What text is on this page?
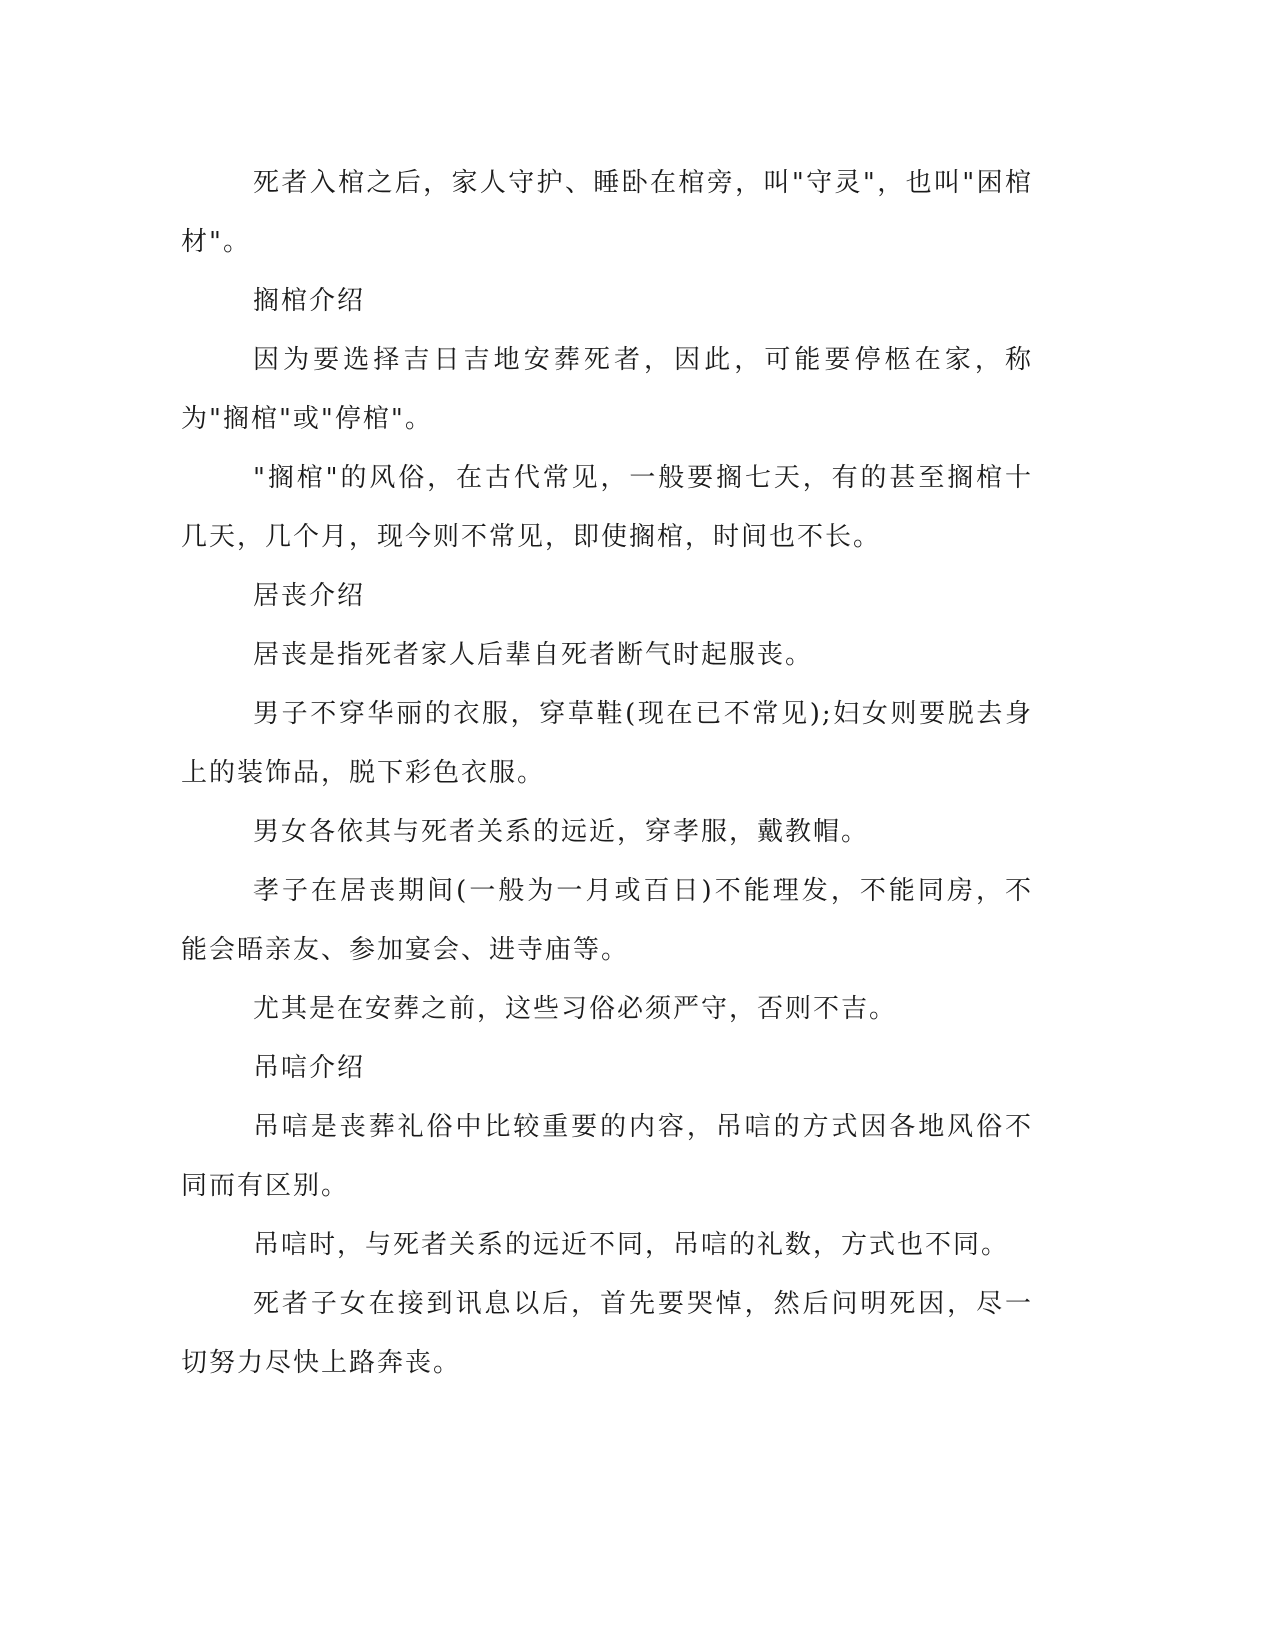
死者入棺之后，家人守护、睡卧在棺旁，叫"守灵"，也叫"困棺材"。

搁棺介绍

因为要选择吉日吉地安葬死者，因此，可能要停柩在家，称为"搁棺"或"停棺"。

"搁棺"的风俗，在古代常见，一般要搁七天，有的甚至搁棺十几天，几个月，现今则不常见，即使搁棺，时间也不长。

居丧介绍

居丧是指死者家人后辈自死者断气时起服丧。

男子不穿华丽的衣服，穿草鞋(现在已不常见);妇女则要脱去身上的装饰品，脱下彩色衣服。

男女各依其与死者关系的远近，穿孝服，戴教帽。

孝子在居丧期间(一般为一月或百日)不能理发，不能同房，不能会晤亲友、参加宴会、进寺庙等。

尤其是在安葬之前，这些习俗必须严守，否则不吉。

吊唁介绍

吊唁是丧葬礼俗中比较重要的内容，吊唁的方式因各地风俗不同而有区别。

吊唁时，与死者关系的远近不同，吊唁的礼数，方式也不同。

死者子女在接到讯息以后，首先要哭悼，然后问明死因，尽一切努力尽快上路奔丧。
